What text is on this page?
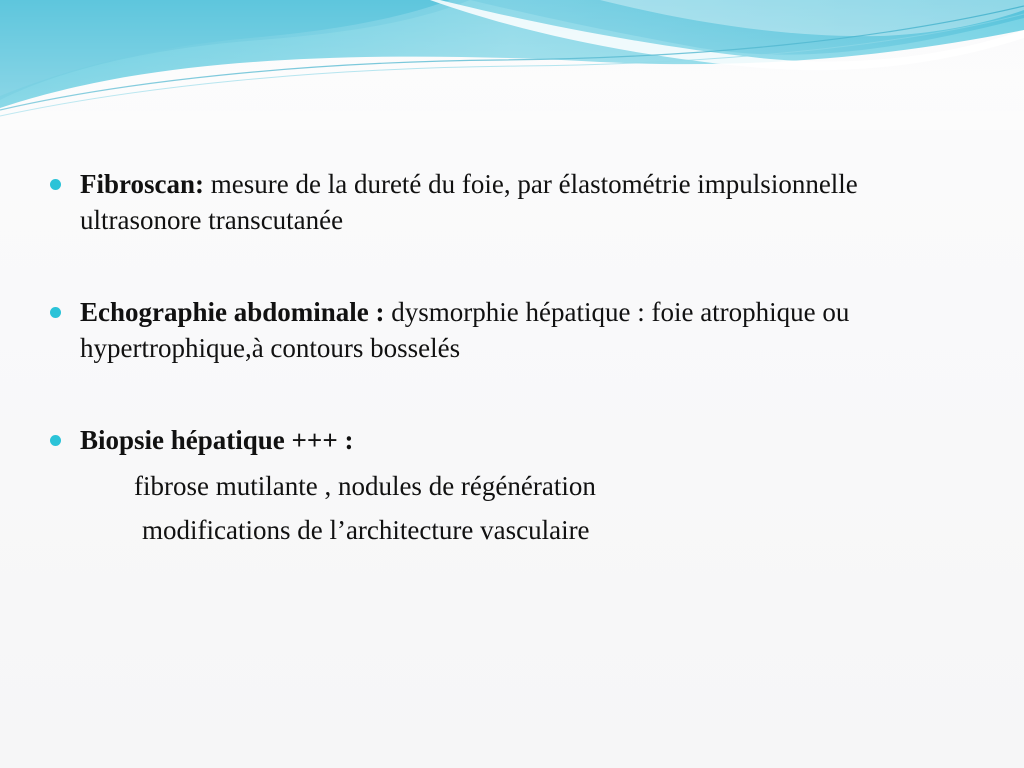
Fibroscan: mesure de la dureté du foie, par élastométrie impulsionnelle ultrasonore transcutanée
Echographie abdominale : dysmorphie hépatique : foie atrophique ou hypertrophique,à contours bosselés
Biopsie hépatique +++ :
fibrose mutilante , nodules de régénération
modifications de l’architecture vasculaire
